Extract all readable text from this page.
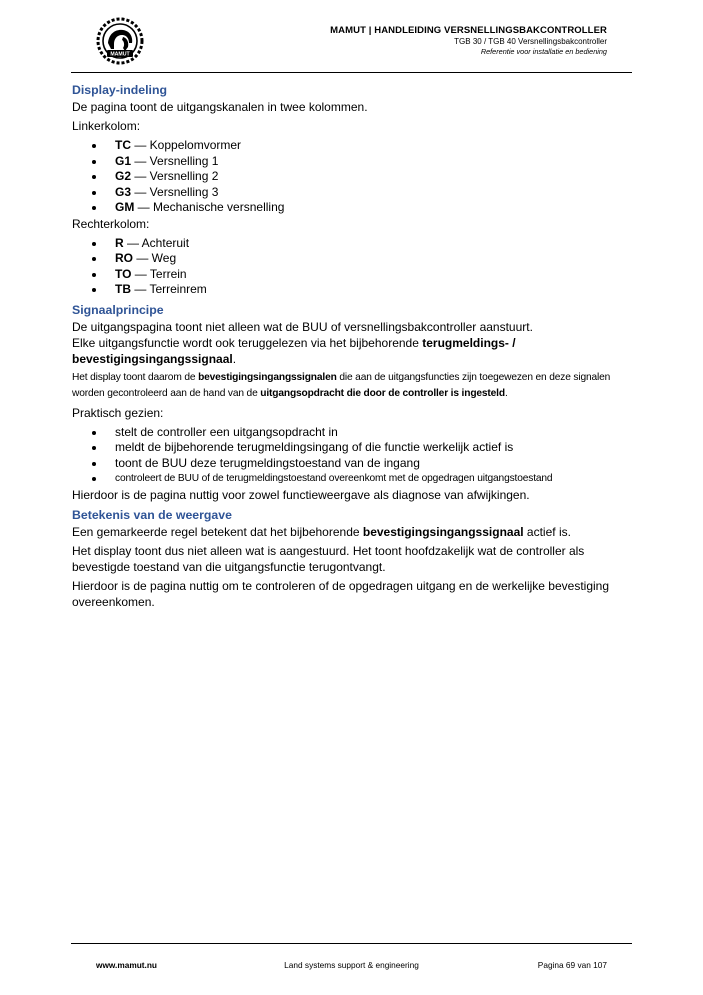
MAMUT
MAMUT | HANDLEIDING VERSNELLINGSBAKCONTROLLER
TGB 30 / TGB 40 Versnellingsbakcontroller
Referentie voor installatie en bediening
Display-indeling

De pagina toont de uitgangskanalen in twee kolommen.

Linkerkolom:

TC — Koppelomvormer
G1 — Versnelling 1
G2 — Versnelling 2
G3 — Versnelling 3
GM — Mechanische versnelling

Rechterkolom:

R — Achteruit
RO — Weg
TO — Terrein
TB — Terreinrem
Signaalprincipe

De uitgangspagina toont niet alleen wat de BUU of versnellingsbakcontroller aanstuurt.

Elke uitgangsfunctie wordt ook teruggelezen via het bijbehorende terugmeldings- / bevestigingsingangssignaal.

Het display toont daarom de bevestigingsingangssignalen die aan de uitgangsfuncties zijn toegewezen en deze signalen worden gecontroleerd aan de hand van de uitgangsopdracht die door de controller is ingesteld.

Praktisch gezien:

stelt de controller een uitgangsopdracht in
meldt de bijbehorende terugmeldingsingang of die functie werkelijk actief is
toont de BUU deze terugmeldingstoestand van de ingang
controleert de BUU of de terugmeldingstoestand overeenkomt met de opgedragen uitgangstoestand

Hierdoor is de pagina nuttig voor zowel functieweergave als diagnose van afwijkingen.

Betekenis van de weergave

Een gemarkeerde regel betekent dat het bijbehorende bevestigingsingangssignaal actief is.

Het display toont dus niet alleen wat is aangestuurd. Het toont hoofdzakelijk wat de controller als bevestigde toestand van die uitgangsfunctie terugontvangt.

Hierdoor is de pagina nuttig om te controleren of de opgedragen uitgang en de werkelijke bevestiging overeenkomen.

www.mamut.nu	Land systems support & engineering	Pagina 69 van 107
